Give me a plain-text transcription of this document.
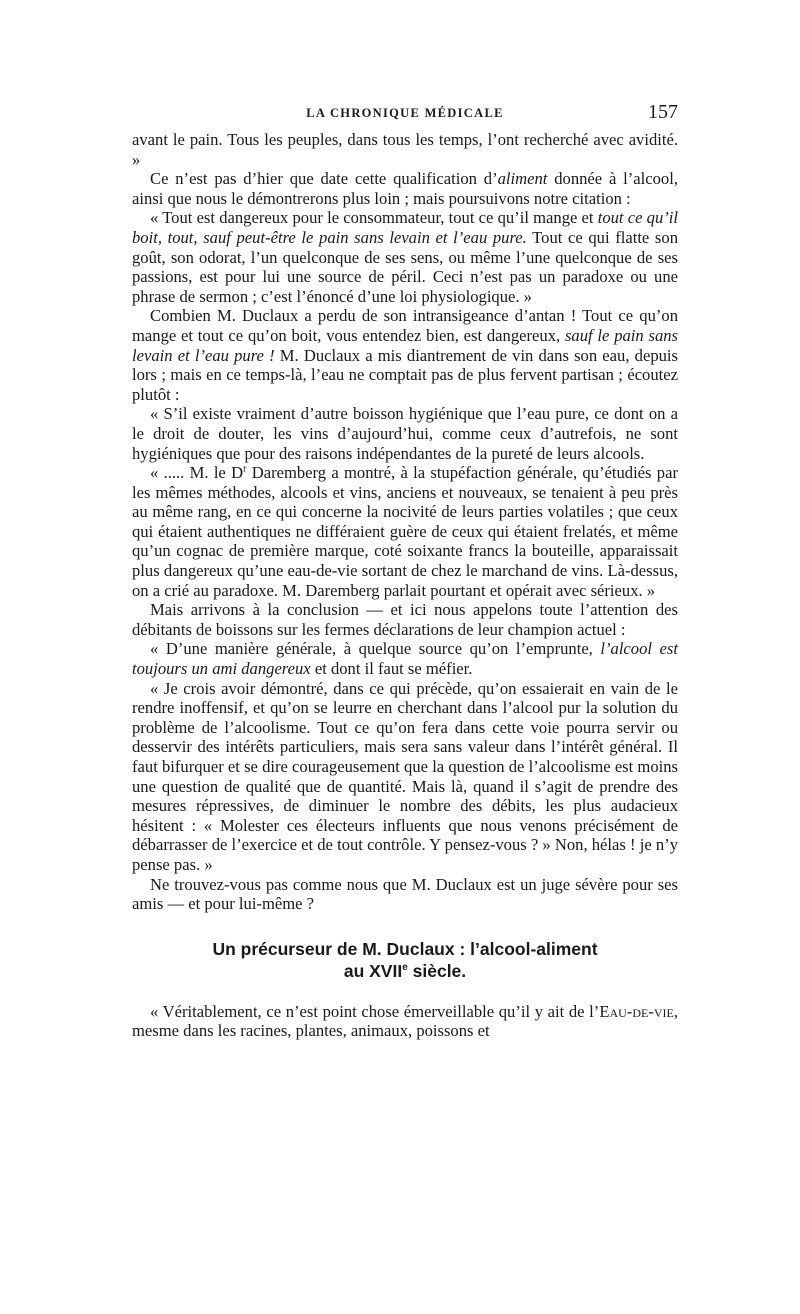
LA CHRONIQUE MÉDICALE	157

avant le pain. Tous les peuples, dans tous les temps, l’ont recherché avec avidité. »

Ce n’est pas d’hier que date cette qualification d’aliment donnée à l’alcool, ainsi que nous le démontrerons plus loin ; mais poursuivons notre citation :

« Tout est dangereux pour le consommateur, tout ce qu’il mange et tout ce qu’il boit, tout, sauf peut-être le pain sans levain et l’eau pure. Tout ce qui flatte son goût, son odorat, l’un quelconque de ses sens, ou même l’une quelconque de ses passions, est pour lui une source de péril. Ceci n’est pas un paradoxe ou une phrase de sermon ; c’est l’énoncé d’une loi physiologique. »

Combien M. Duclaux a perdu de son intransigeance d’antan ! Tout ce qu’on mange et tout ce qu’on boit, vous entendez bien, est dangereux, sauf le pain sans levain et l’eau pure ! M. Duclaux a mis diantrement de vin dans son eau, depuis lors ; mais en ce temps-là, l’eau ne comptait pas de plus fervent partisan ; écoutez plutôt :

« S’il existe vraiment d’autre boisson hygiénique que l’eau pure, ce dont on a le droit de douter, les vins d’aujourd’hui, comme ceux d’autrefois, ne sont hygiéniques que pour des raisons indépendantes de la pureté de leurs alcools.

« ..... M. le $D^r$ Daremberg a montré, à la stupéfaction générale, qu’étudiés par les mêmes méthodes, alcools et vins, anciens et nouveaux, se tenaient à peu près au même rang, en ce qui concerne la nocivité de leurs parties volatiles ; que ceux qui étaient authentiques ne différaient guère de ceux qui étaient frelatés, et même qu’un cognac de première marque, coté soixante francs la bouteille, apparaissait plus dangereux qu’une eau-de-vie sortant de chez le marchand de vins. Là-dessus, on a crié au paradoxe. M. Daremberg parlait pourtant et opérait avec sérieux. »

Mais arrivons à la conclusion — et ici nous appelons toute l’attention des débitants de boissons sur les fermes déclarations de leur champion actuel :

« D’une manière générale, à quelque source qu’on l’emprunte, l’alcool est toujours un ami dangereux et dont il faut se méfier.

« Je crois avoir démontré, dans ce qui précède, qu’on essaierait en vain de le rendre inoffensif, et qu’on se leurre en cherchant dans l’alcool pur la solution du problème de l’alcoolisme. Tout ce qu’on fera dans cette voie pourra servir ou desservir des intérêts particuliers, mais sera sans valeur dans l’intérêt général. Il faut bifurquer et se dire courageusement que la question de l’alcoolisme est moins une question de qualité que de quantité. Mais là, quand il s’agit de prendre des mesures répressives, de diminuer le nombre des débits, les plus audacieux hésitent : « Molester ces électeurs influents que nous venons précisément de débarrasser de l’exercice et de tout contrôle. Y pensez-vous ? » Non, hélas ! je n’y pense pas. »

Ne trouvez-vous pas comme nous que M. Duclaux est un juge sévère pour ses amis — et pour lui-même ?

Un précurseur de M. Duclaux : l’alcool-aliment
au XVIIe siècle.

« Véritablement, ce n’est point chose émerveillable qu’il y ait de l’Eau-de-vie, mesme dans les racines, plantes, animaux, poissons et
